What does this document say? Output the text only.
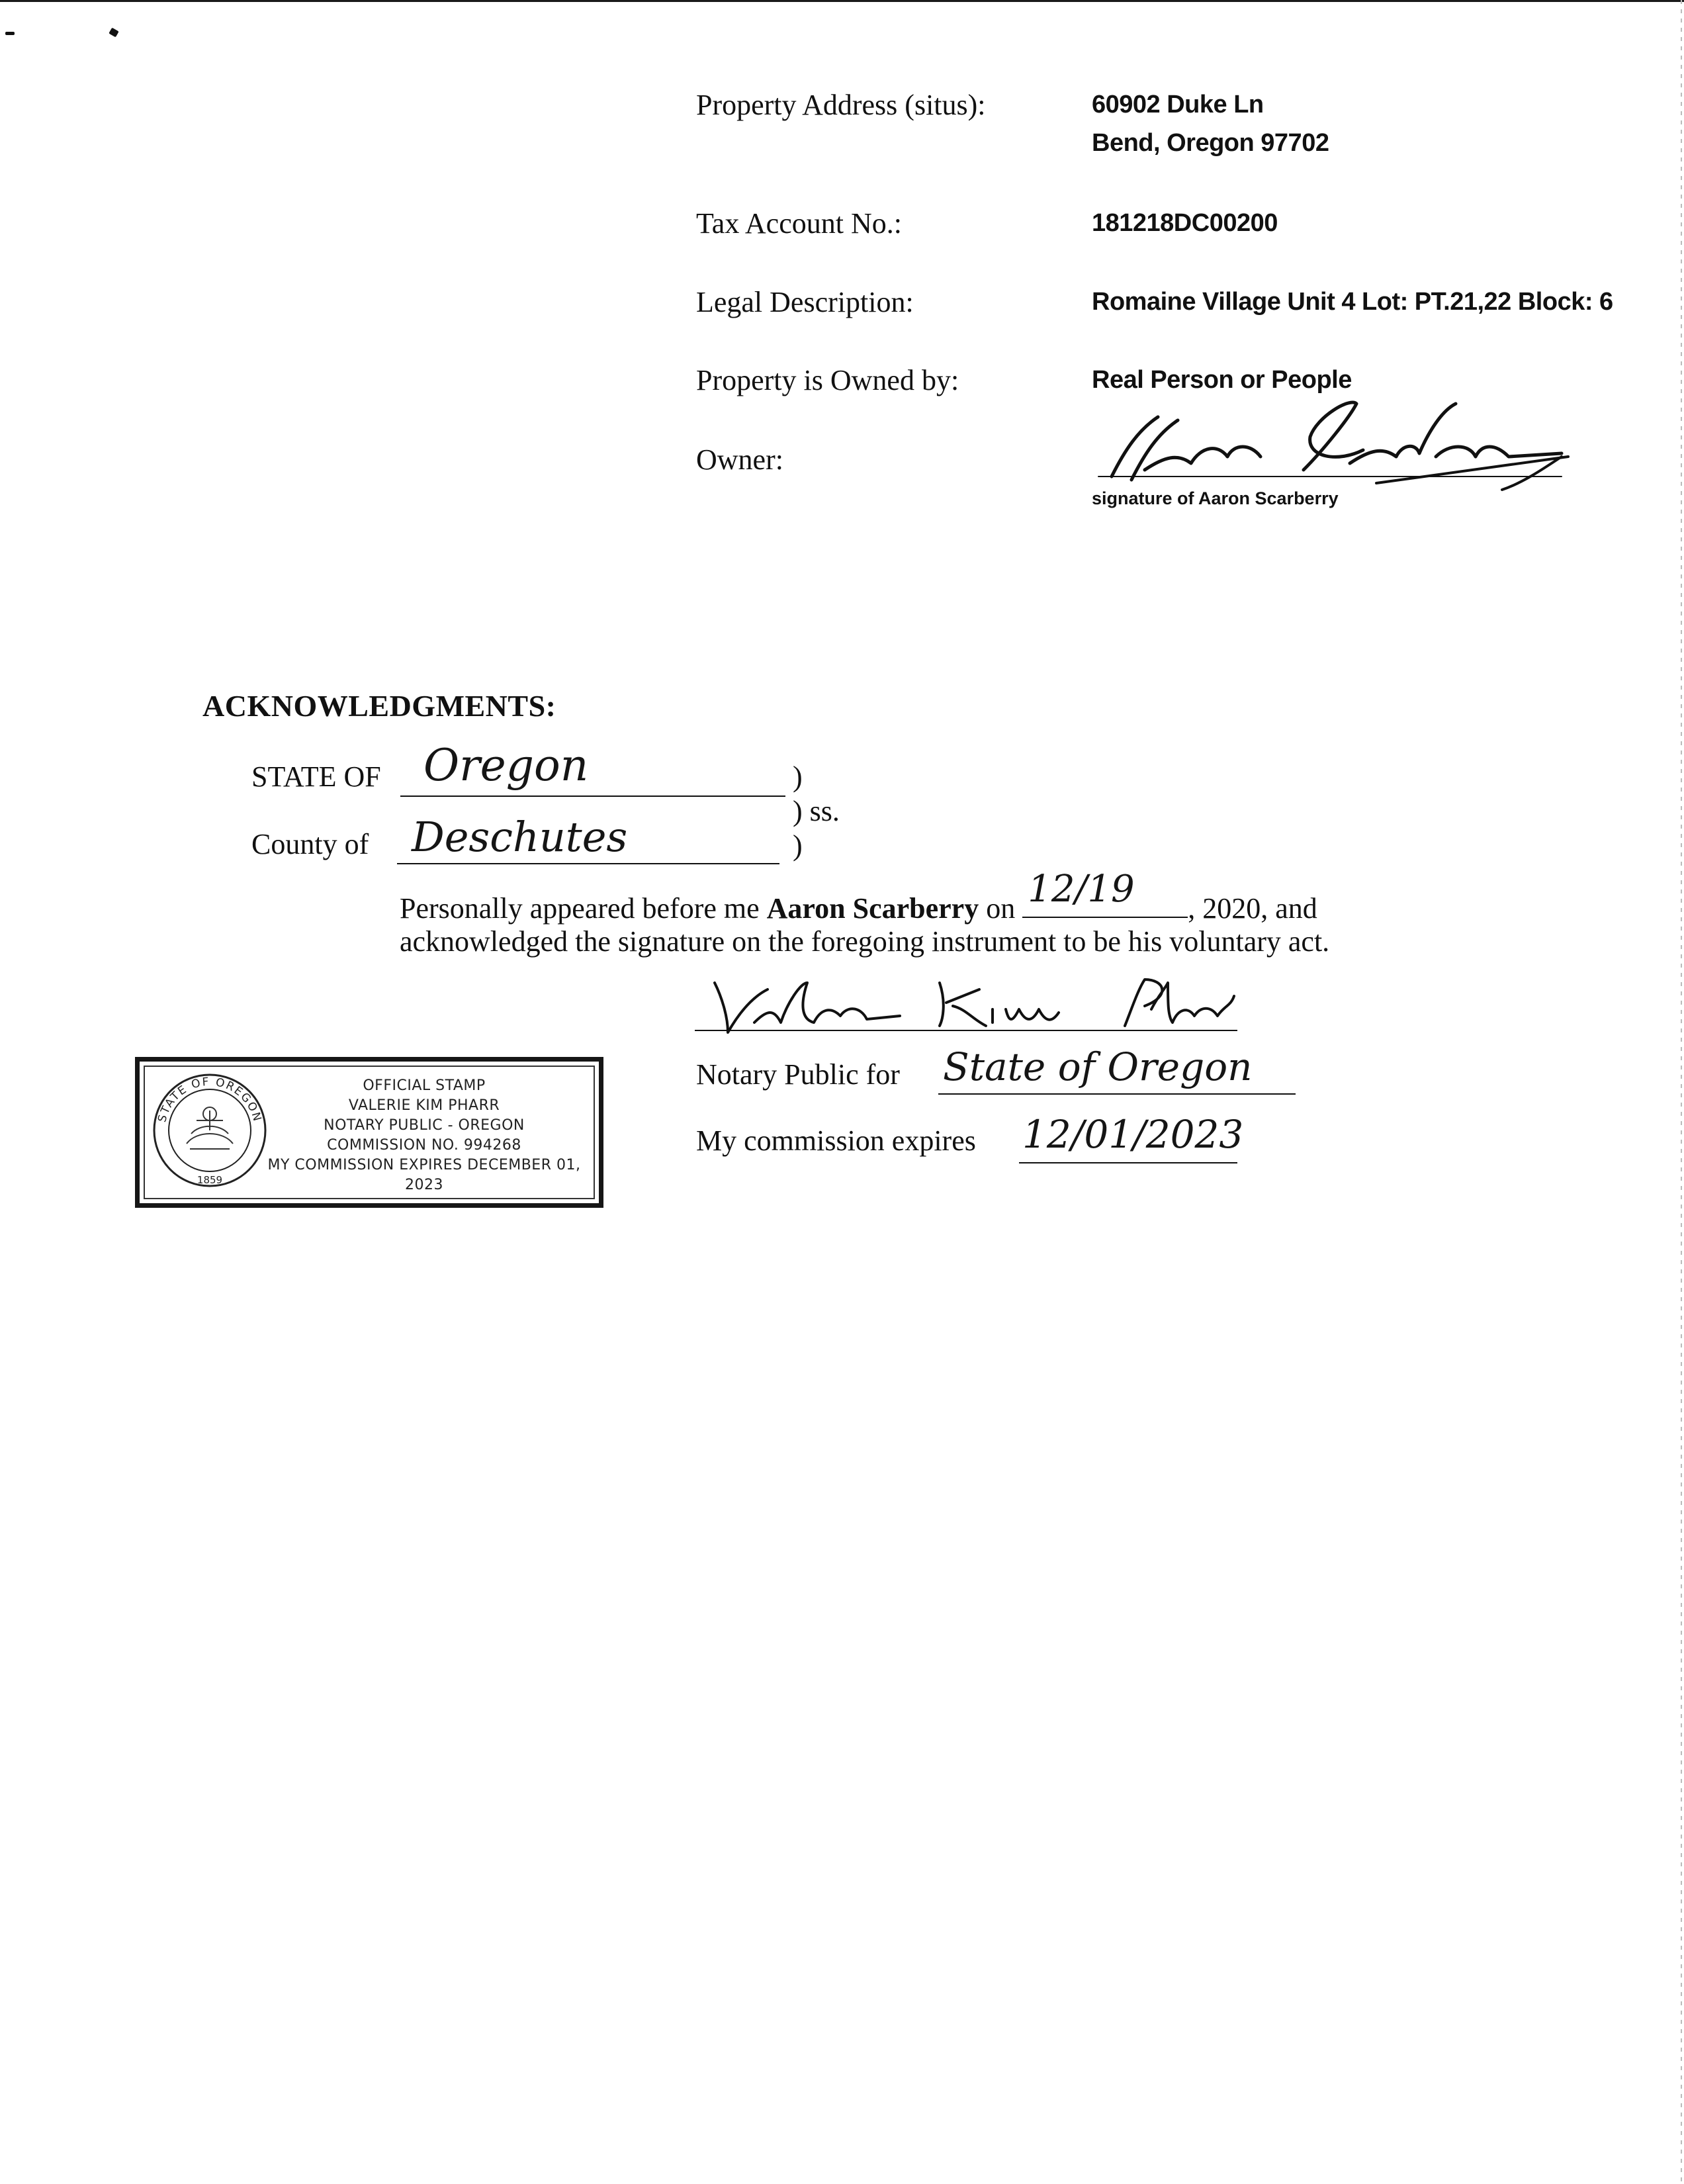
Property Address (situs):	60902 Duke Ln
Bend, Oregon 97702
Tax Account No.:	181218DC00200
Legal Description:	Romaine Village Unit 4 Lot: PT.21,22 Block: 6
Property is Owned by:	Real Person or People
Owner:
signature of Aaron Scarberry
ACKNOWLEDGMENTS:
STATE OF Oregon	)
) ss.
County of Deschutes	)
Personally appeared before me Aaron Scarberry on 12/19 , 2020, and
acknowledged the signature on the foregoing instrument to be his voluntary act.
Notary Public for State of Oregon
My commission expires 12/01/2023
STATE OF OREGON
1859
OFFICIAL STAMP
VALERIE KIM PHARR
NOTARY PUBLIC - OREGON
COMMISSION NO. 994268
MY COMMISSION EXPIRES DECEMBER 01, 2023
